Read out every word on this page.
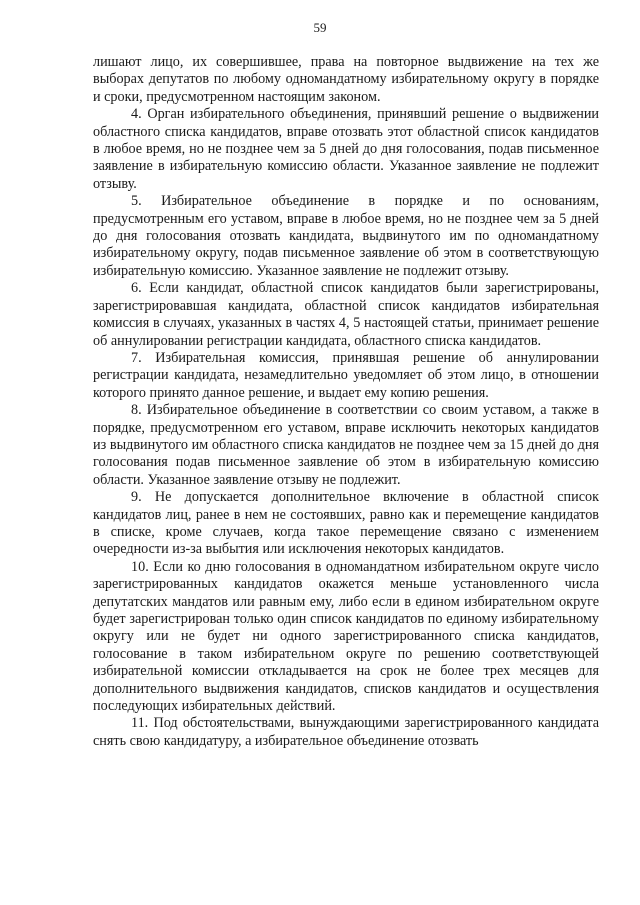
59

лишают лицо, их совершившее, права на повторное выдвижение на тех же выборах депутатов по любому одномандатному избирательному округу в порядке и сроки, предусмотренном настоящим законом.

4. Орган избирательного объединения, принявший решение о выдвижении областного списка кандидатов, вправе отозвать этот областной список кандидатов в любое время, но не позднее чем за 5 дней до дня голосования, подав письменное заявление в избирательную комиссию области. Указанное заявление не подлежит отзыву.

5. Избирательное объединение в порядке и по основаниям, предусмотренным его уставом, вправе в любое время, но не позднее чем за 5 дней до дня голосования отозвать кандидата, выдвинутого им по одномандатному избирательному округу, подав письменное заявление об этом в соответствующую избирательную комиссию. Указанное заявление не подлежит отзыву.

6. Если кандидат, областной список кандидатов были зарегистрированы, зарегистрировавшая кандидата, областной список кандидатов избирательная комиссия в случаях, указанных в частях 4, 5 настоящей статьи, принимает решение об аннулировании регистрации кандидата, областного списка кандидатов.

7. Избирательная комиссия, принявшая решение об аннулировании регистрации кандидата, незамедлительно уведомляет об этом лицо, в отношении которого принято данное решение, и выдает ему копию решения.

8. Избирательное объединение в соответствии со своим уставом, а также в порядке, предусмотренном его уставом, вправе исключить некоторых кандидатов из выдвинутого им областного списка кандидатов не позднее чем за 15 дней до дня голосования подав письменное заявление об этом в избирательную комиссию области. Указанное заявление отзыву не подлежит.

9. Не допускается дополнительное включение в областной список кандидатов лиц, ранее в нем не состоявших, равно как и перемещение кандидатов в списке, кроме случаев, когда такое перемещение связано с изменением очередности из-за выбытия или исключения некоторых кандидатов.

10. Если ко дню голосования в одномандатном избирательном округе число зарегистрированных кандидатов окажется меньше установленного числа депутатских мандатов или равным ему, либо если в едином избирательном округе будет зарегистрирован только один список кандидатов по единому избирательному округу или не будет ни одного зарегистрированного списка кандидатов, голосование в таком избирательном округе по решению соответствующей избирательной комиссии откладывается на срок не более трех месяцев для дополнительного выдвижения кандидатов, списков кандидатов и осуществления последующих избирательных действий.

11. Под обстоятельствами, вынуждающими зарегистрированного кандидата снять свою кандидатуру, а избирательное объединение отозвать
